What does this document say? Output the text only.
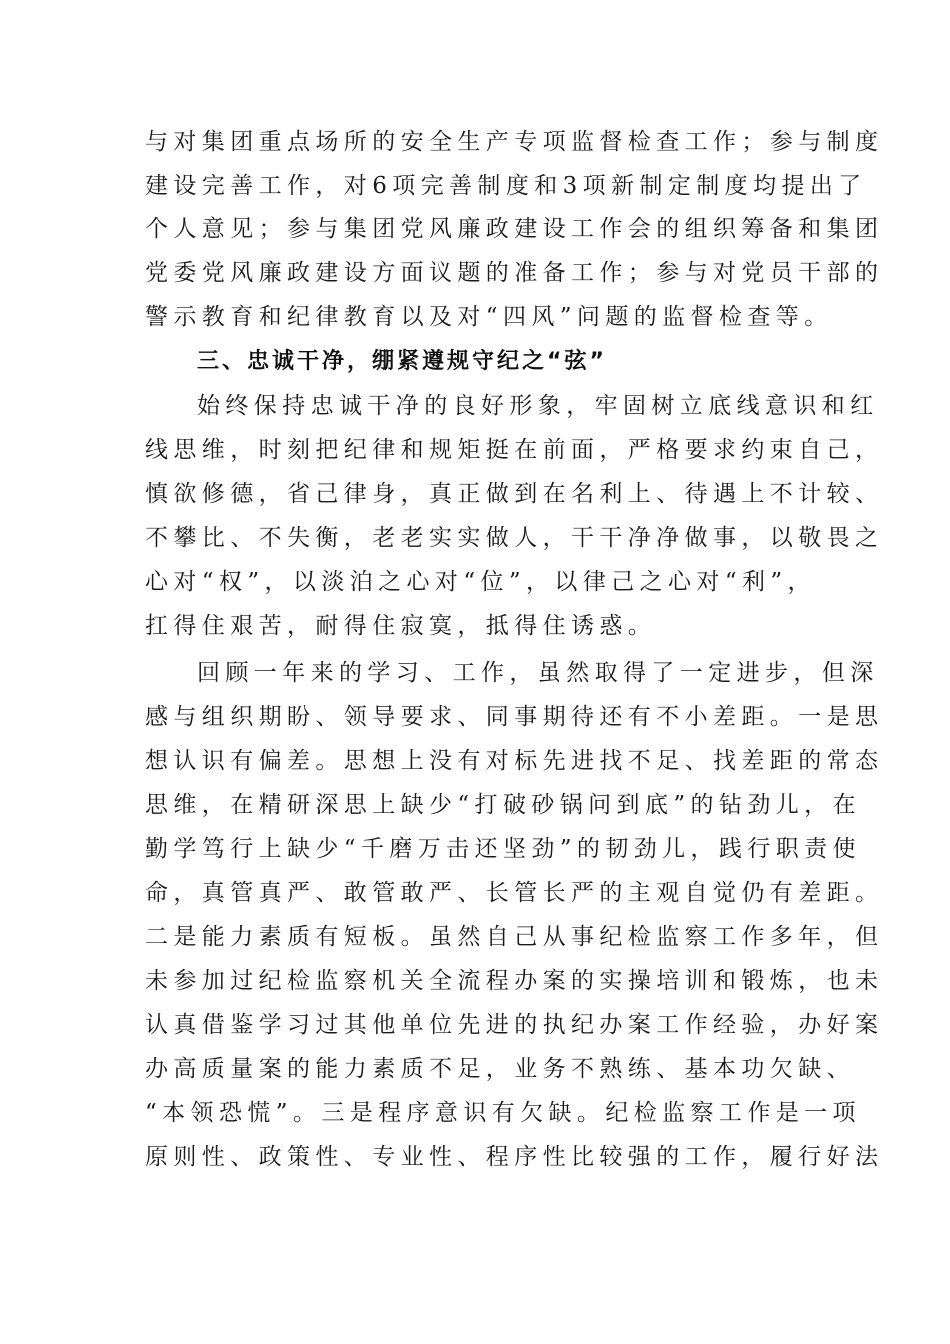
与对集团重点场所的安全生产专项监督检查工作；参与制度
建设完善工作，对6项完善制度和3项新制定制度均提出了
个人意见；参与集团党风廉政建设工作会的组织筹备和集团
党委党风廉政建设方面议题的准备工作；参与对党员干部的
警示教育和纪律教育以及对“四风”问题的监督检查等。
三、忠诚干净，绷紧遵规守纪之“弦”
始终保持忠诚干净的良好形象，牢固树立底线意识和红
线思维，时刻把纪律和规矩挺在前面，严格要求约束自己，
慎欲修德，省己律身，真正做到在名利上、待遇上不计较、
不攀比、不失衡，老老实实做人，干干净净做事，以敬畏之
心对“权”，以淡泊之心对“位”，以律己之心对“利”，
扛得住艰苦，耐得住寂寞，抵得住诱惑。
回顾一年来的学习、工作，虽然取得了一定进步，但深
感与组织期盼、领导要求、同事期待还有不小差距。一是思
想认识有偏差。思想上没有对标先进找不足、找差距的常态
思维，在精研深思上缺少“打破砂锅问到底”的钻劲儿，在
勤学笃行上缺少“千磨万击还坚劲”的韧劲儿，践行职责使
命，真管真严、敢管敢严、长管长严的主观自觉仍有差距。
二是能力素质有短板。虽然自己从事纪检监察工作多年，但
未参加过纪检监察机关全流程办案的实操培训和锻炼，也未
认真借鉴学习过其他单位先进的执纪办案工作经验，办好案
办高质量案的能力素质不足，业务不熟练、基本功欠缺、
“本领恐慌”。三是程序意识有欠缺。纪检监察工作是一项
原则性、政策性、专业性、程序性比较强的工作，履行好法
